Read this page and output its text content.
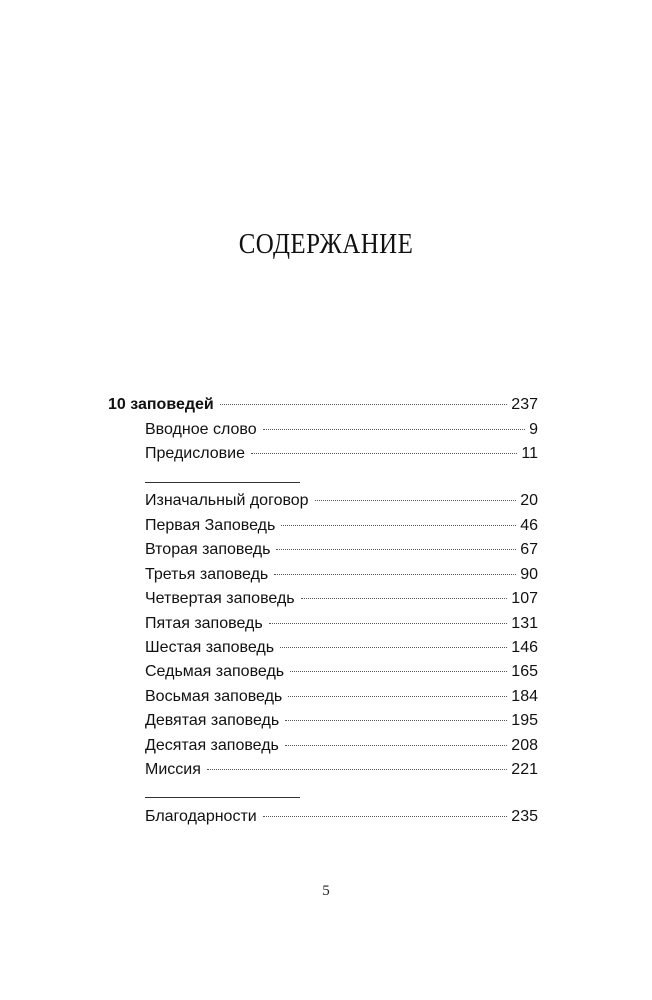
СОДЕРЖАНИЕ
10 заповедей	237
Вводное слово	9
Предисловие	11
Изначальный договор	20
Первая Заповедь	46
Вторая заповедь	67
Третья заповедь	90
Четвертая заповедь	107
Пятая заповедь	131
Шестая заповедь	146
Седьмая заповедь	165
Восьмая заповедь	184
Девятая заповедь	195
Десятая заповедь	208
Миссия	221
Благодарности	235
5
